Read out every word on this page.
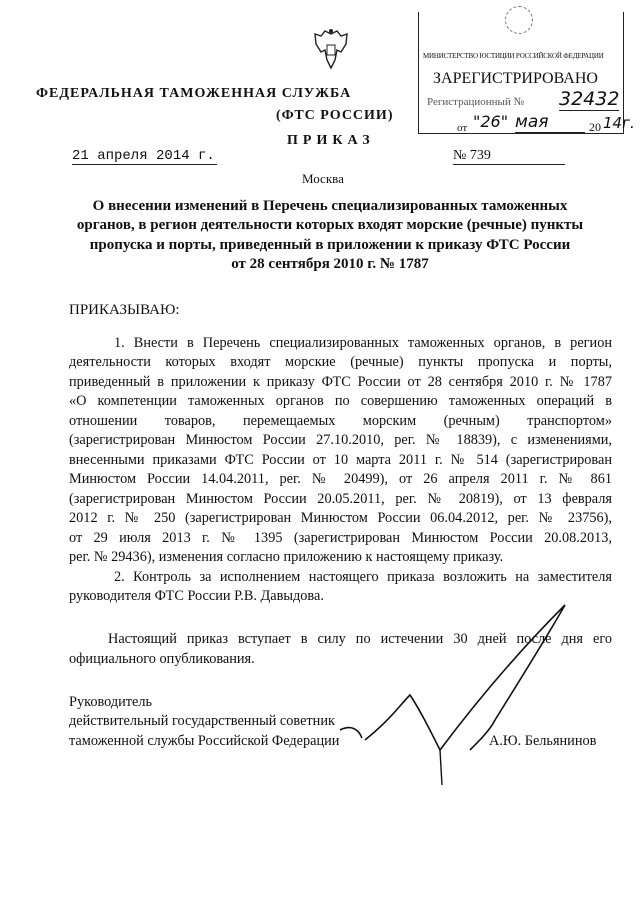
ФЕДЕРАЛЬНАЯ ТАМОЖЕННАЯ СЛУЖБА
(ФТС РОССИИ)
ПРИКАЗ
21 апреля 2014 г.	№ 739
Москва
МИНИСТЕРСТВО ЮСТИЦИИ РОССИЙСКОЙ ФЕДЕРАЦИИ
ЗАРЕГИСТРИРОВАНО
Регистрационный № 32432
от "26" мая	20 14г.
О внесении изменений в Перечень специализированных таможенных
органов, в регион деятельности которых входят морские (речные) пункты
пропуска и порты, приведенный в приложении к приказу ФТС России
от 28 сентября 2010 г. № 1787
ПРИКАЗЫВАЮ:
1. Внести в Перечень специализированных таможенных органов, в регион
деятельности которых входят морские (речные) пункты пропуска и порты,
приведенный в приложении к приказу ФТС России от 28 сентября 2010 г. № 1787
«О компетенции таможенных органов по совершению таможенных операций в
отношении товаров, перемещаемых морским (речным) транспортом»
(зарегистрирован Минюстом России 27.10.2010, рег. № 18839), с изменениями,
внесенными приказами ФТС России от 10 марта 2011 г. № 514 (зарегистрирован
Минюстом России 14.04.2011, рег. № 20499), от 26 апреля 2011 г. № 861
(зарегистрирован Минюстом России 20.05.2011, рег. № 20819), от 13 февраля
2012 г. № 250 (зарегистрирован Минюстом России 06.04.2012, рег. № 23756),
от 29 июля 2013 г. № 1395 (зарегистрирован Минюстом России 20.08.2013,
рег. № 29436), изменения согласно приложению к настоящему приказу.
2. Контроль за исполнением настоящего приказа возложить на заместителя
руководителя ФТС России Р.В. Давыдова.
Настоящий приказ вступает в силу по истечении 30 дней после дня его
официального опубликования.
Руководитель
действительный государственный советник
таможенной службы Российской Федерации	А.Ю. Бельянинов
